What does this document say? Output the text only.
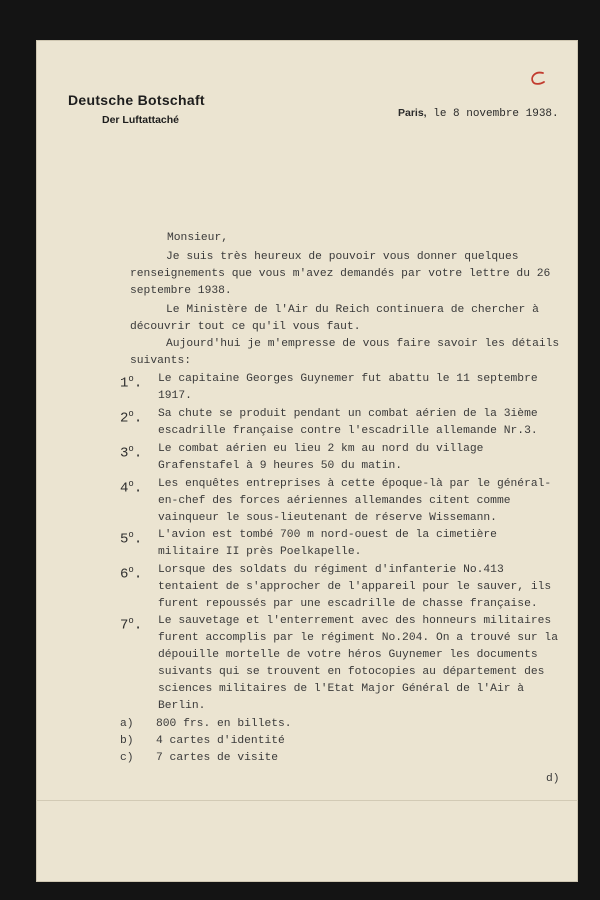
Deutsche Botschaft
Der Luftattaché
Paris, le 8 novembre 1938.
Monsieur,
Je suis très heureux de pouvoir vous donner quelques renseignements que vous m'avez demandés par votre lettre du 26 septembre 1938.
Le Ministère de l'Air du Reich continuera de chercher à découvrir tout ce qu'il vous faut.
Aujourd'hui je m'empresse de vous faire savoir les détails suivants:
1$^o$. Le capitaine Georges Guynemer fut abattu le 11 septembre 1917.
2$^o$. Sa chute se produit pendant un combat aérien de la 3ième escadrille française contre l'escadrille allemande Nr.3.
3$^o$. Le combat aérien eu lieu 2 km au nord du village Grafenstafel à 9 heures 50 du matin.
4$^o$. Les enquêtes entreprises à cette époque-là par le général-en-chef des forces aériennes allemandes citent comme vainqueur le sous-lieutenant de réserve Wissemann.
5$^o$. L'avion est tombé 700 m nord-ouest de la cimetière militaire II près Poelkapelle.
6$^o$. Lorsque des soldats du régiment d'infanterie No.413 tentaient de s'approcher de l'appareil pour le sauver, ils furent repoussés par une escadrille de chasse française.
7$^o$. Le sauvetage et l'enterrement avec des honneurs militaires furent accomplis par le régiment No.204. On a trouvé sur la dépouille mortelle de votre héros Guynemer les documents suivants qui se trouvent en fotocopies au département des sciences militaires de l'Etat Major Général de l'Air à Berlin.
a) 800 frs. en billets.
b) 4 cartes d'identité
c) 7 cartes de visite
d)
